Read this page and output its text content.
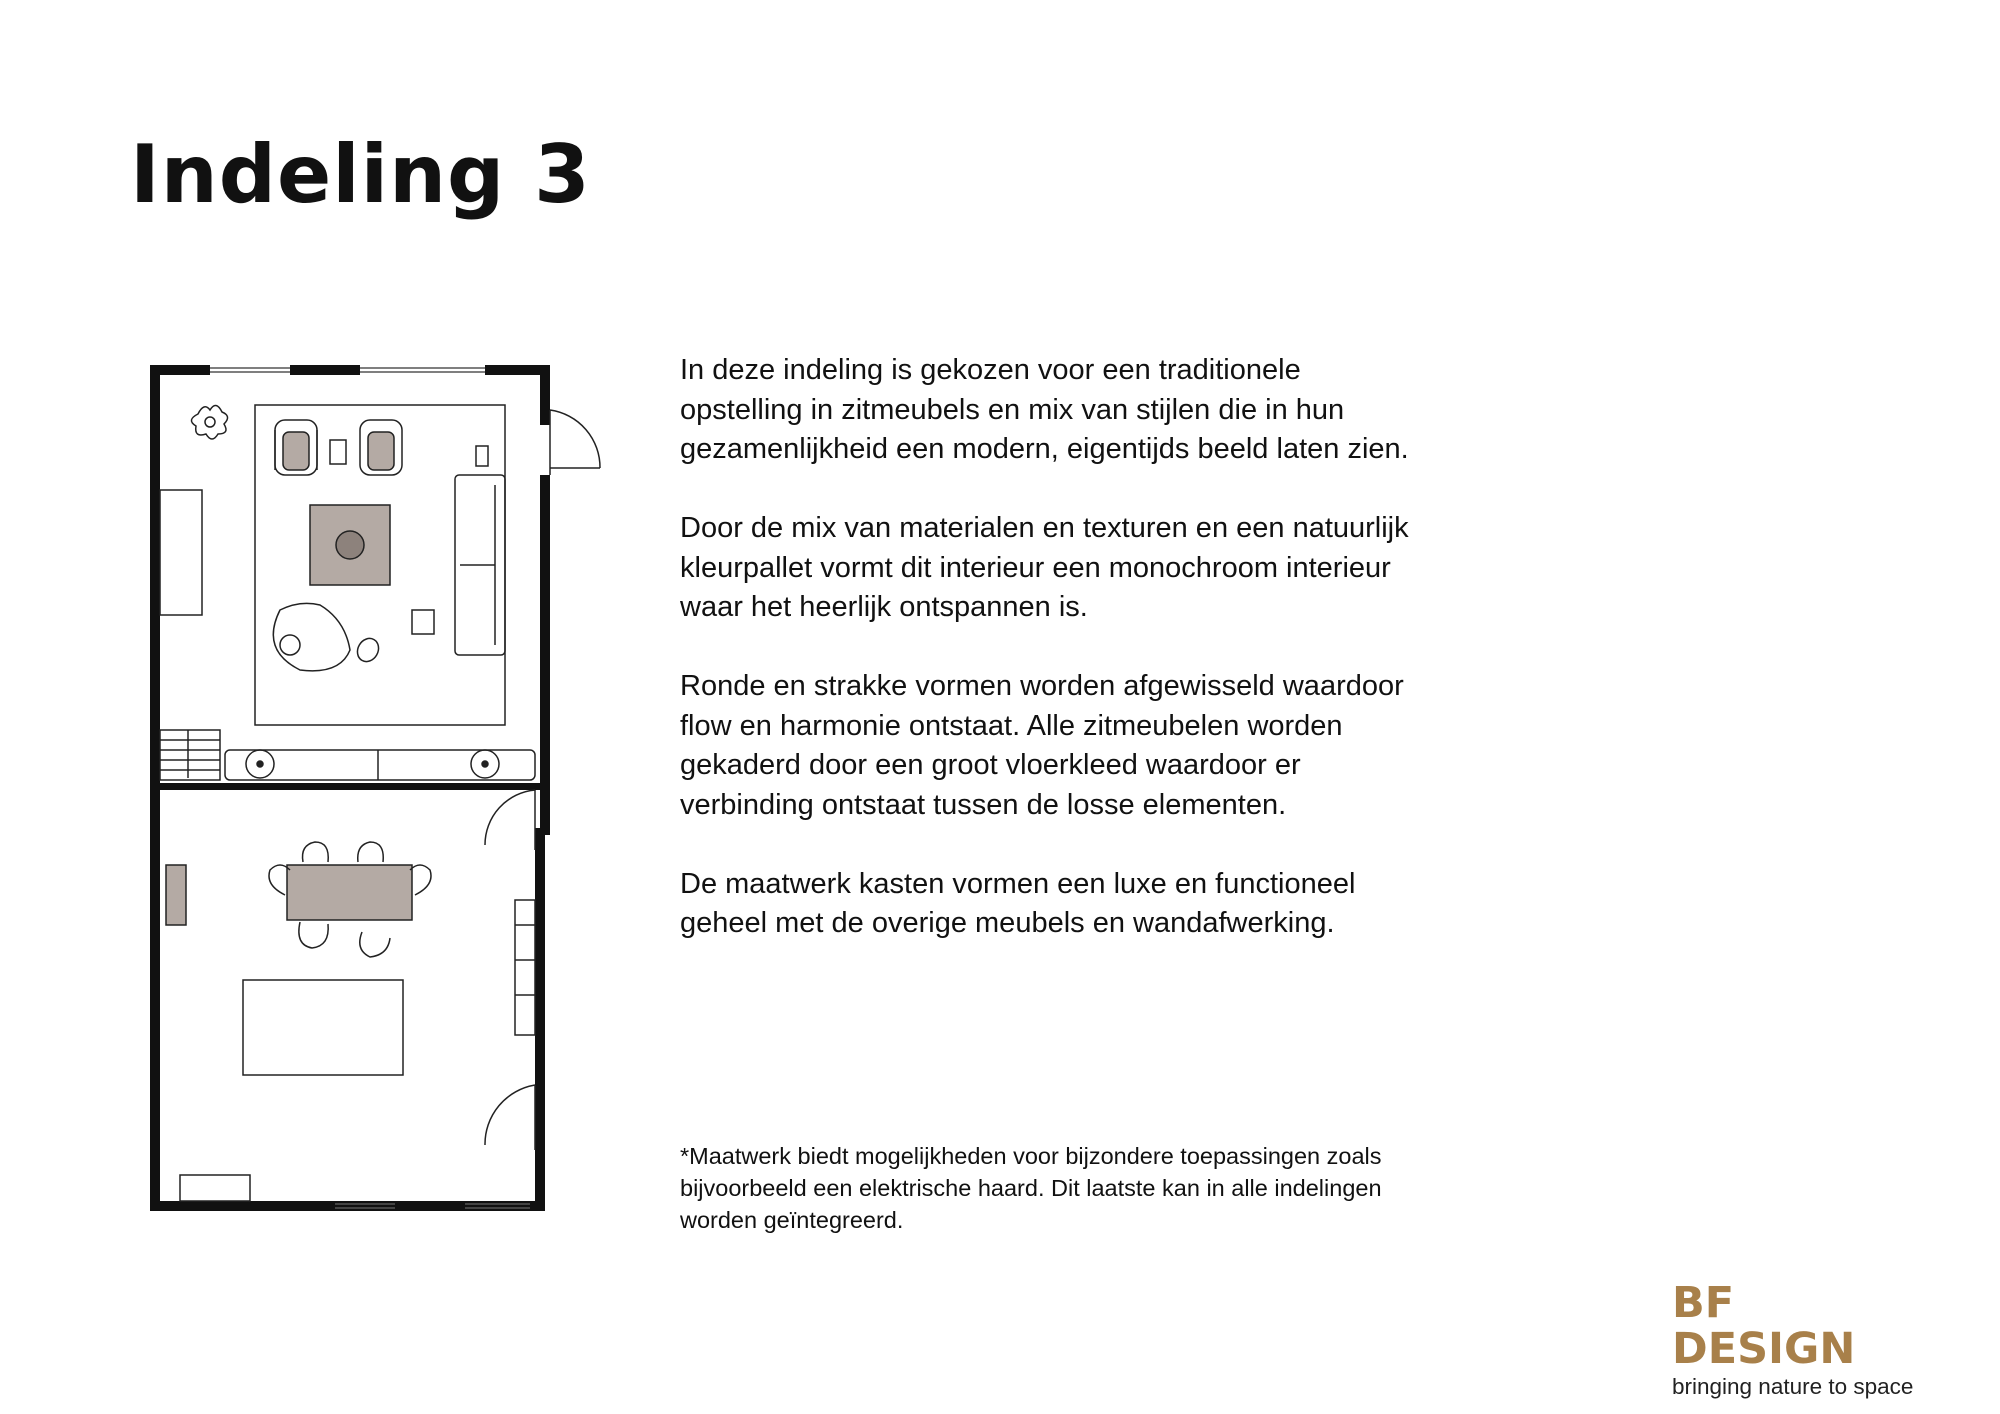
Indeling 3

In deze indeling is gekozen voor een traditionele opstelling in zitmeubels en mix van stijlen die in hun gezamenlijkheid een modern, eigentijds beeld laten zien.

Door de mix van materialen en texturen en een natuurlijk kleurpallet vormt dit interieur een monochroom interieur waar het heerlijk ontspannen is.

Ronde en strakke vormen worden afgewisseld waardoor flow en harmonie ontstaat. Alle zitmeubelen worden gekaderd door een groot vloerkleed waardoor er verbinding ontstaat tussen de losse elementen.

De maatwerk kasten vormen een luxe en functioneel geheel met de overige meubels en wandafwerking.

*Maatwerk biedt mogelijkheden voor bijzondere toepassingen zoals bijvoorbeeld een elektrische haard. Dit laatste kan in alle indelingen worden geïntegreerd.

BF DESIGN
bringing nature to space
